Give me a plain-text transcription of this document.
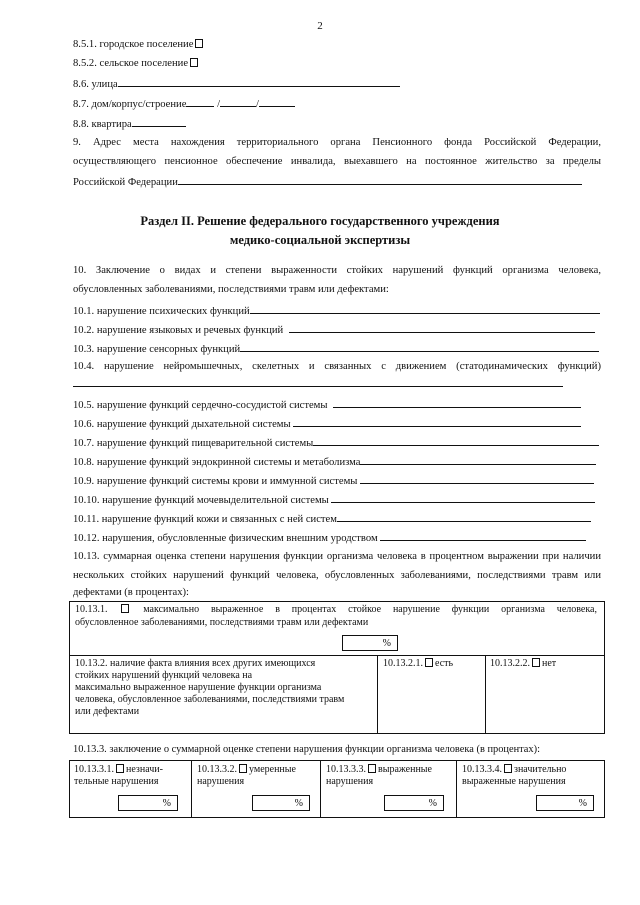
2
8.5.1. городское поселение
8.5.2. сельское поселение
8.6. улица
8.7. дом/корпус/строение	/	/
8.8. квартира
9. Адрес места нахождения территориального органа Пенсионного фонда Российской Федерации,
осуществляющего пенсионное обеспечение инвалида, выехавшего на постоянное жительство за пределы
Российской Федерации
Раздел II. Решение федерального государственного учреждения
медико-социальной экспертизы
10. Заключение о видах и степени выраженности стойких нарушений функций организма человека,
обусловленных заболеваниями, последствиями травм или дефектами:
10.1. нарушение психических функций
10.2. нарушение языковых и речевых функций
10.3. нарушение сенсорных функций
10.4. нарушение нейромышечных, скелетных и связанных с движением (статодинамических функций)
10.5. нарушение функций сердечно-сосудистой системы
10.6. нарушение функций дыхательной системы
10.7. нарушение функций пищеварительной системы
10.8. нарушение функций эндокринной системы и метаболизма
10.9. нарушение функций системы крови и иммунной системы
10.10. нарушение функций мочевыделительной системы
10.11. нарушение функций кожи и связанных с ней систем
10.12. нарушения, обусловленные физическим внешним уродством
10.13. суммарная оценка степени нарушения функции организма человека в процентном выражении при наличии
нескольких стойких нарушений функций человека, обусловленных заболеваниями, последствиями травм или
дефектами (в процентах):
10.13.1.	максимально выраженное в процентах стойкое нарушение функции организма человека,
обусловленное заболеваниями, последствиями травм или дефектами
%
10.13.2. наличие факта влияния всех других имеющихся
стойких нарушений функций человека на
максимально выраженное нарушение функции организма
человека, обусловленное заболеваниями, последствиями травм
или дефектами
10.13.2.1. есть	10.13.2.2. нет
10.13.3. заключение о суммарной оценке степени нарушения функции организма человека (в процентах):
10.13.3.1. незначи-
тельные нарушения
%
10.13.3.2. умеренные
нарушения
%
10.13.3.3. выраженные
нарушения
%
10.13.3.4. значительно
выраженные нарушения
%
